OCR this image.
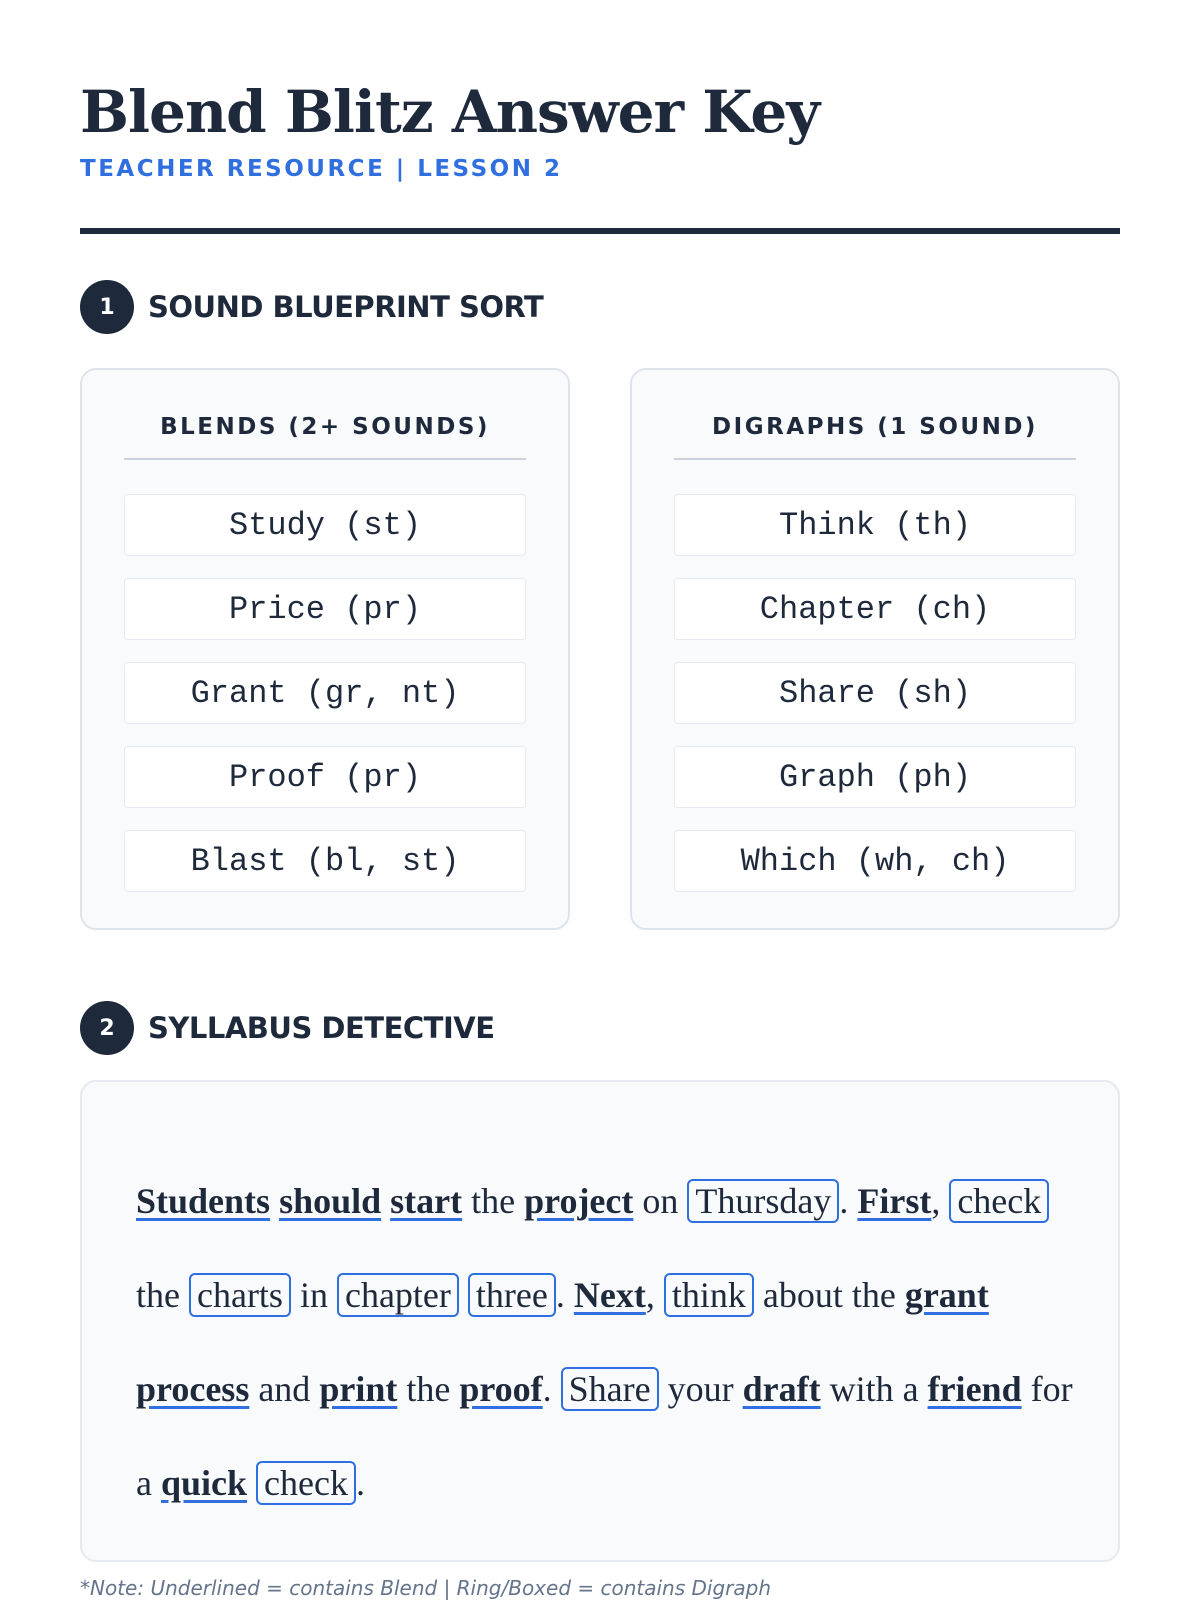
Blend Blitz Answer Key
TEACHER RESOURCE | LESSON 2
1	SOUND BLUEPRINT SORT
BLENDS (2+ SOUNDS)
Study (st)
Price (pr)
Grant (gr, nt)
Proof (pr)
Blast (bl, st)
DIGRAPHS (1 SOUND)
Think (th)
Chapter (ch)
Share (sh)
Graph (ph)
Which (wh, ch)
2	SYLLABUS DETECTIVE
Students should start the project on Thursday . First, check the charts in chapter three . Next, think about the grant process and print the proof. Share your draft with a friend for a quick check .
*Note: Underlined = contains Blend | Ring/Boxed = contains Digraph
